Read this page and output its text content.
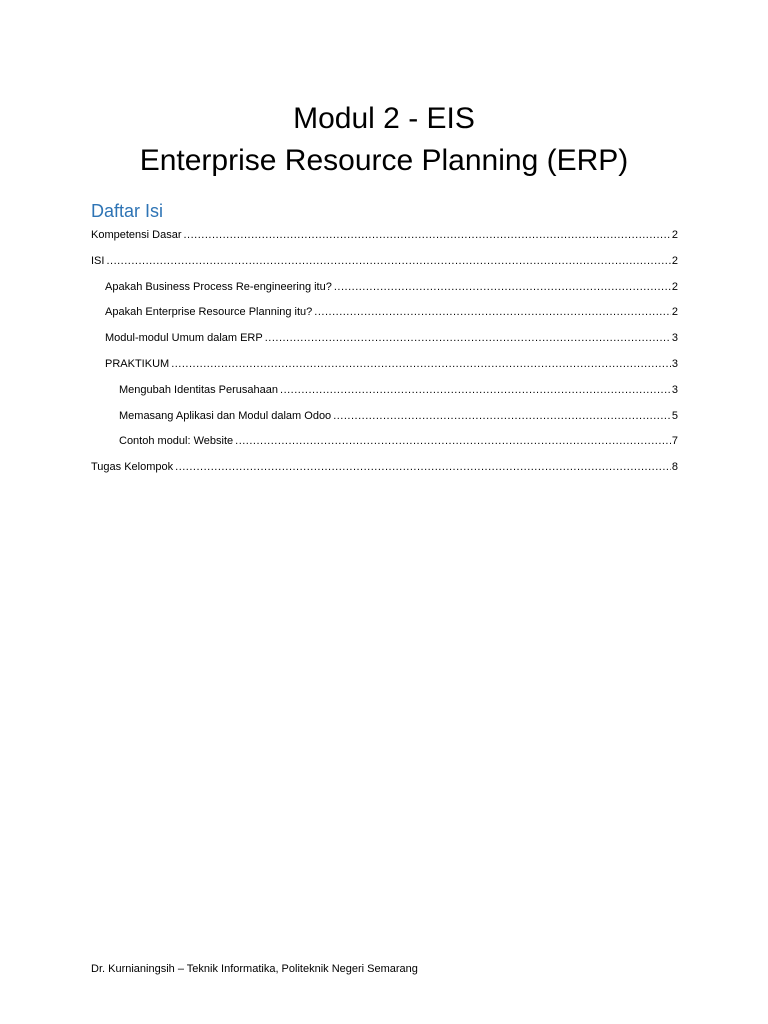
Modul 2 - EIS
Enterprise Resource Planning (ERP)
Daftar Isi
Kompetensi Dasar .....	2
ISI .....	2
Apakah Business Process Re-engineering itu? .....	2
Apakah Enterprise Resource Planning itu? .....	2
Modul-modul Umum dalam ERP .....	3
PRAKTIKUM .....	3
Mengubah Identitas Perusahaan .....	3
Memasang Aplikasi dan Modul dalam Odoo .....	5
Contoh modul: Website .....	7
Tugas Kelompok .....	8

Dr. Kurnianingsih – Teknik Informatika, Politeknik Negeri Semarang
